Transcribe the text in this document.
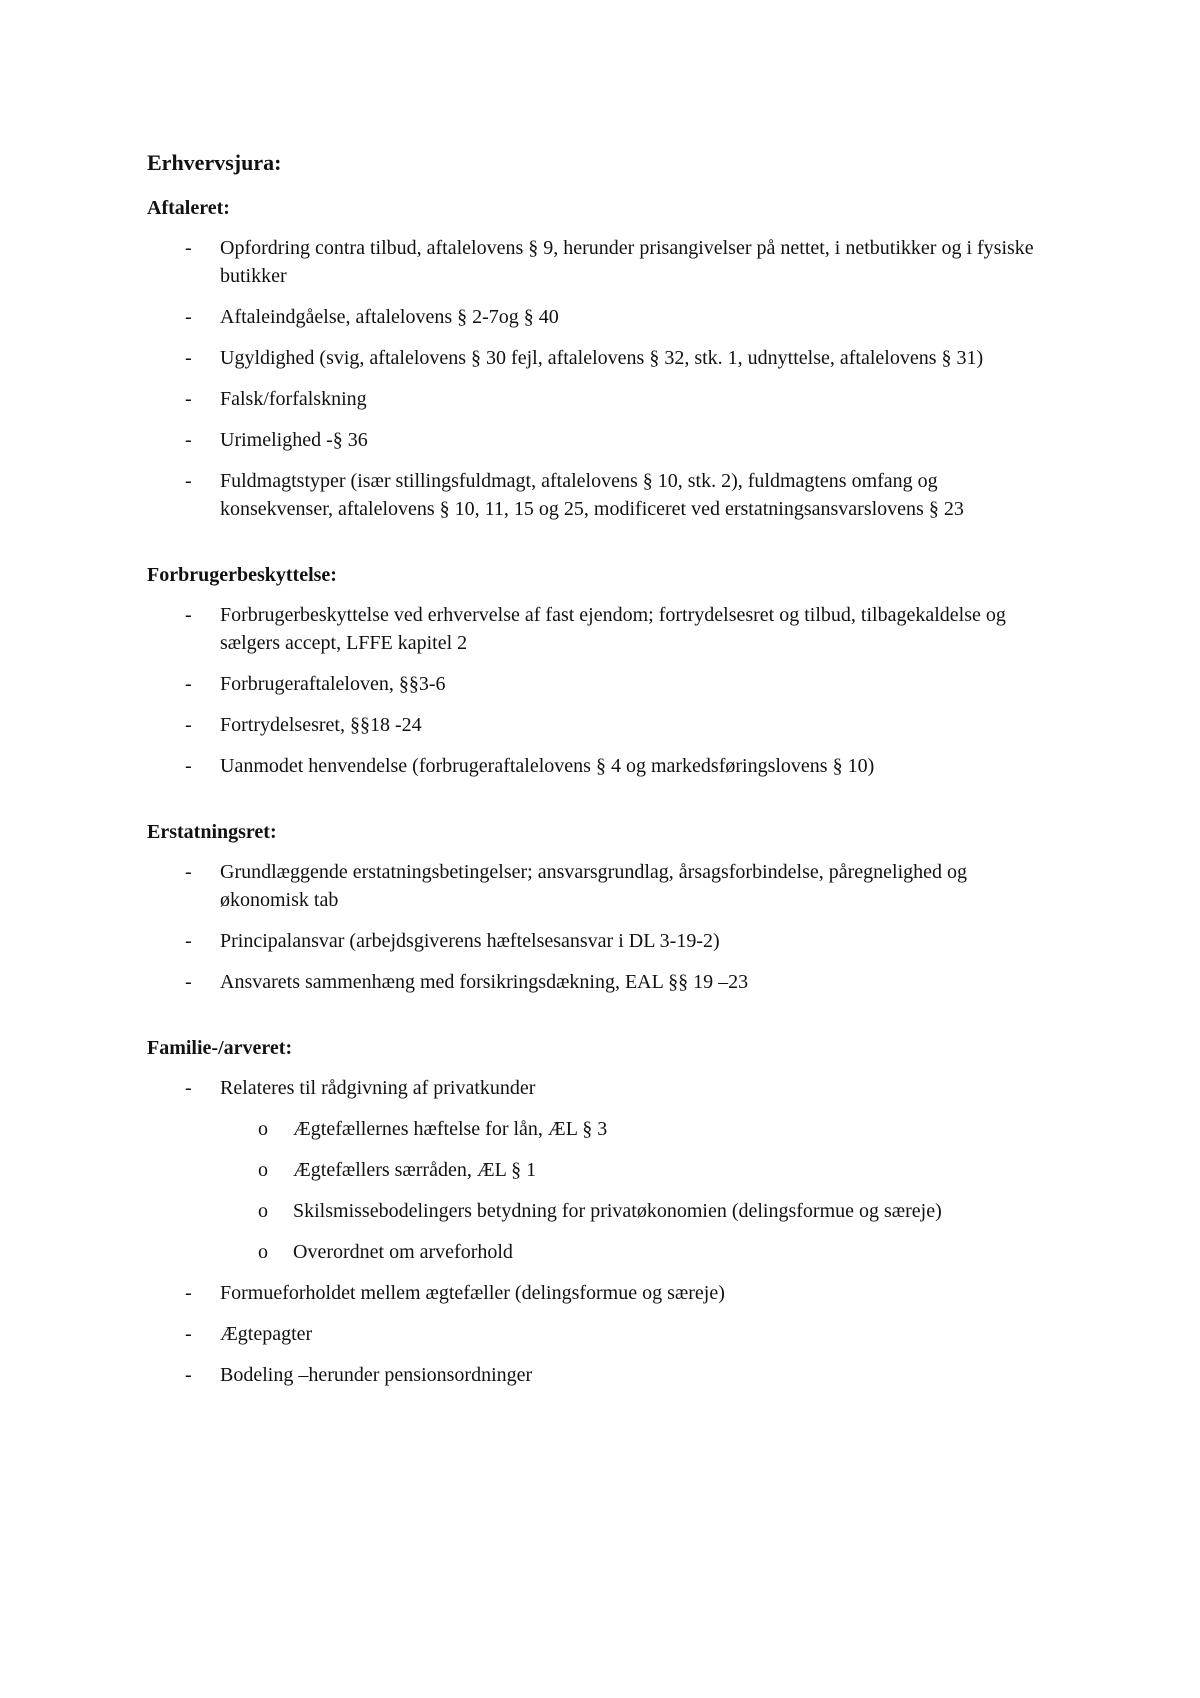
Erhvervsjura:
Aftaleret:
- Opfordring contra tilbud, aftalelovens § 9, herunder prisangivelser på nettet, i netbutikker og i fysiske butikker
- Aftaleindgåelse, aftalelovens § 2-7og § 40
- Ugyldighed (svig, aftalelovens § 30 fejl, aftalelovens § 32, stk. 1, udnyttelse, aftalelovens § 31)
- Falsk/forfalskning
- Urimelighed -§ 36
- Fuldmagtstyper (især stillingsfuldmagt, aftalelovens § 10, stk. 2), fuldmagtens omfang og konsekvenser, aftalelovens § 10, 11, 15 og 25, modificeret ved erstatningsansvarslovens § 23
Forbrugerbeskyttelse:
- Forbrugerbeskyttelse ved erhvervelse af fast ejendom; fortrydelsesret og tilbud, tilbagekaldelse og sælgers accept, LFFE kapitel 2
- Forbrugeraftaleloven, §§3-6
- Fortrydelsesret, §§18 -24
- Uanmodet henvendelse (forbrugeraftalelovens § 4 og markedsføringslovens § 10)
Erstatningsret:
- Grundlæggende erstatningsbetingelser; ansvarsgrundlag, årsagsforbindelse, påregnelighed og økonomisk tab
- Principalansvar (arbejdsgiverens hæftelsesansvar i DL 3-19-2)
- Ansvarets sammenhæng med forsikringsdækning, EAL §§ 19 –23
Familie-/arveret:
- Relateres til rådgivning af privatkunder
o Ægtefællernes hæftelse for lån, ÆL § 3
o Ægtefællers særråden, ÆL § 1
o Skilsmissebodelingers betydning for privatøkonomien (delingsformue og særeje)
o Overordnet om arveforhold
- Formueforholdet mellem ægtefæller (delingsformue og særeje)
- Ægtepagter
- Bodeling –herunder pensionsordninger
